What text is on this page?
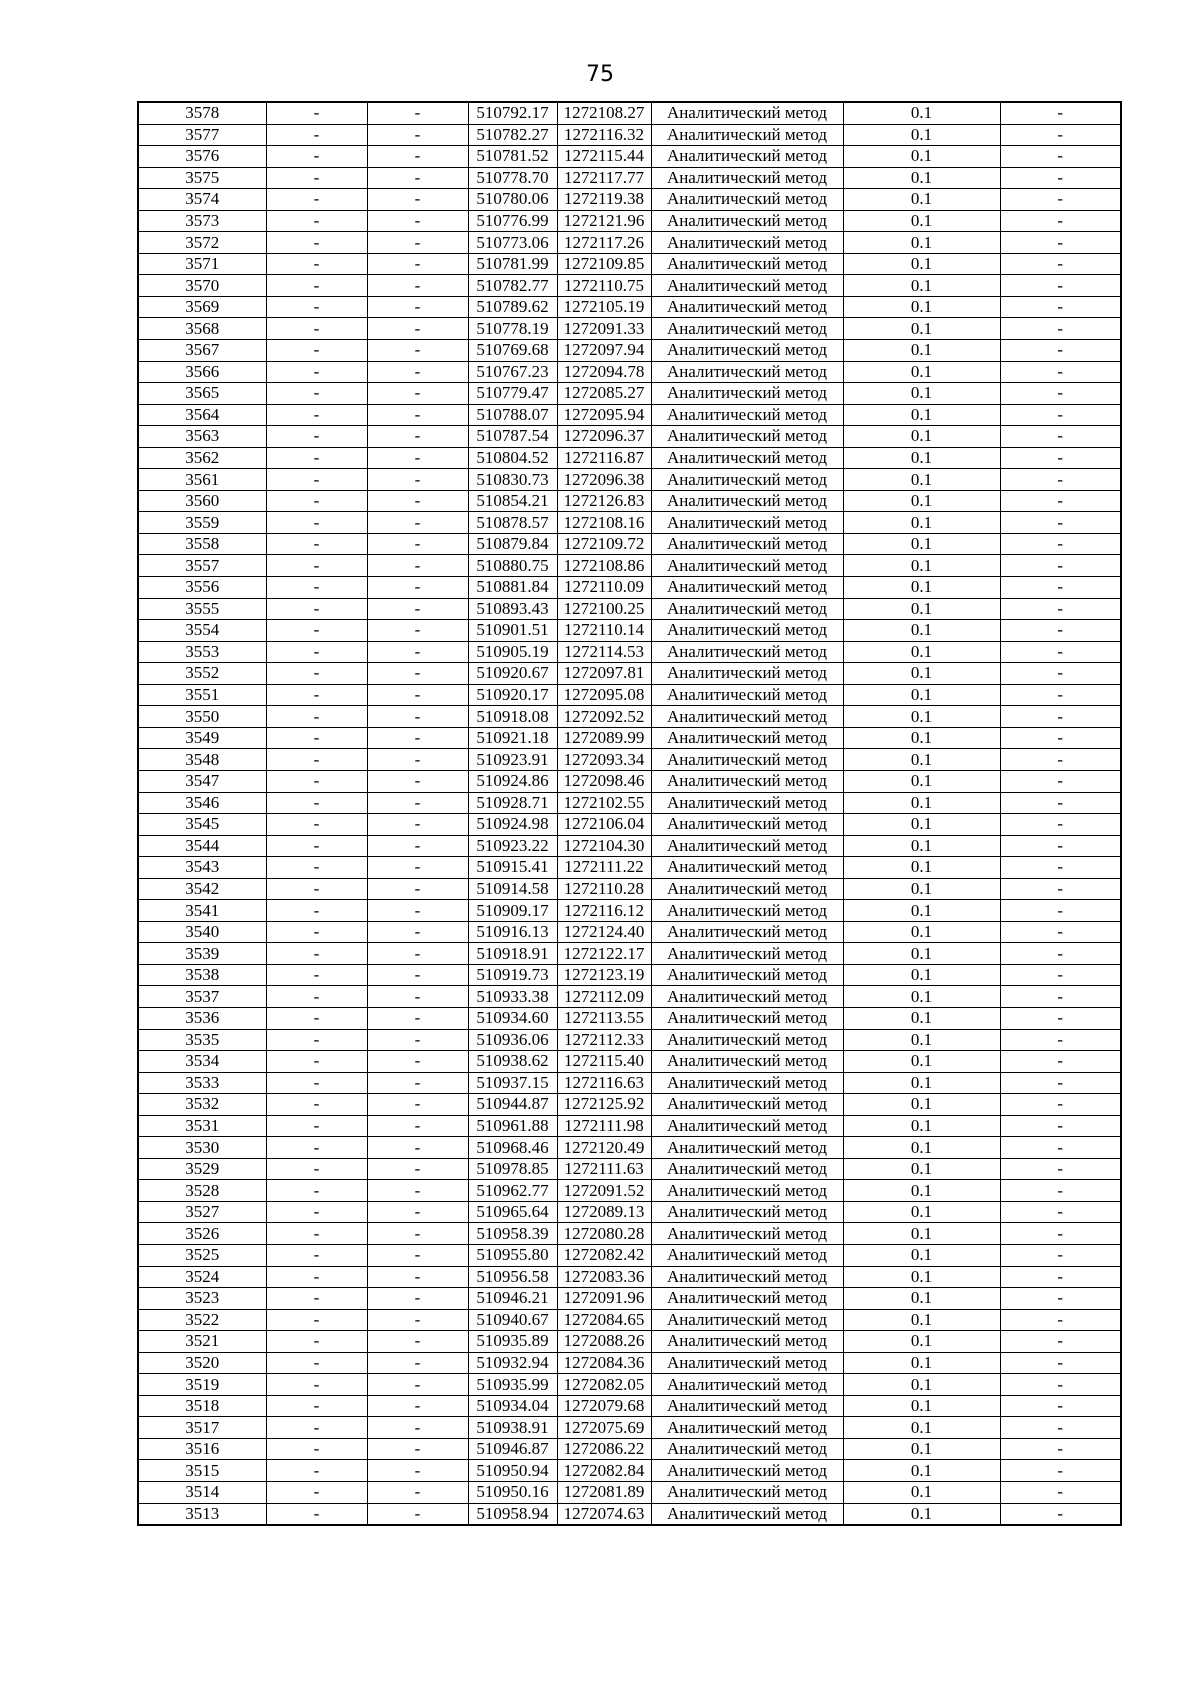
75
3578	-	-	510792.17	1272108.27	Аналитический метод	0.1	-
3577	-	-	510782.27	1272116.32	Аналитический метод	0.1	-
3576	-	-	510781.52	1272115.44	Аналитический метод	0.1	-
3575	-	-	510778.70	1272117.77	Аналитический метод	0.1	-
3574	-	-	510780.06	1272119.38	Аналитический метод	0.1	-
3573	-	-	510776.99	1272121.96	Аналитический метод	0.1	-
3572	-	-	510773.06	1272117.26	Аналитический метод	0.1	-
3571	-	-	510781.99	1272109.85	Аналитический метод	0.1	-
3570	-	-	510782.77	1272110.75	Аналитический метод	0.1	-
3569	-	-	510789.62	1272105.19	Аналитический метод	0.1	-
3568	-	-	510778.19	1272091.33	Аналитический метод	0.1	-
3567	-	-	510769.68	1272097.94	Аналитический метод	0.1	-
3566	-	-	510767.23	1272094.78	Аналитический метод	0.1	-
3565	-	-	510779.47	1272085.27	Аналитический метод	0.1	-
3564	-	-	510788.07	1272095.94	Аналитический метод	0.1	-
3563	-	-	510787.54	1272096.37	Аналитический метод	0.1	-
3562	-	-	510804.52	1272116.87	Аналитический метод	0.1	-
3561	-	-	510830.73	1272096.38	Аналитический метод	0.1	-
3560	-	-	510854.21	1272126.83	Аналитический метод	0.1	-
3559	-	-	510878.57	1272108.16	Аналитический метод	0.1	-
3558	-	-	510879.84	1272109.72	Аналитический метод	0.1	-
3557	-	-	510880.75	1272108.86	Аналитический метод	0.1	-
3556	-	-	510881.84	1272110.09	Аналитический метод	0.1	-
3555	-	-	510893.43	1272100.25	Аналитический метод	0.1	-
3554	-	-	510901.51	1272110.14	Аналитический метод	0.1	-
3553	-	-	510905.19	1272114.53	Аналитический метод	0.1	-
3552	-	-	510920.67	1272097.81	Аналитический метод	0.1	-
3551	-	-	510920.17	1272095.08	Аналитический метод	0.1	-
3550	-	-	510918.08	1272092.52	Аналитический метод	0.1	-
3549	-	-	510921.18	1272089.99	Аналитический метод	0.1	-
3548	-	-	510923.91	1272093.34	Аналитический метод	0.1	-
3547	-	-	510924.86	1272098.46	Аналитический метод	0.1	-
3546	-	-	510928.71	1272102.55	Аналитический метод	0.1	-
3545	-	-	510924.98	1272106.04	Аналитический метод	0.1	-
3544	-	-	510923.22	1272104.30	Аналитический метод	0.1	-
3543	-	-	510915.41	1272111.22	Аналитический метод	0.1	-
3542	-	-	510914.58	1272110.28	Аналитический метод	0.1	-
3541	-	-	510909.17	1272116.12	Аналитический метод	0.1	-
3540	-	-	510916.13	1272124.40	Аналитический метод	0.1	-
3539	-	-	510918.91	1272122.17	Аналитический метод	0.1	-
3538	-	-	510919.73	1272123.19	Аналитический метод	0.1	-
3537	-	-	510933.38	1272112.09	Аналитический метод	0.1	-
3536	-	-	510934.60	1272113.55	Аналитический метод	0.1	-
3535	-	-	510936.06	1272112.33	Аналитический метод	0.1	-
3534	-	-	510938.62	1272115.40	Аналитический метод	0.1	-
3533	-	-	510937.15	1272116.63	Аналитический метод	0.1	-
3532	-	-	510944.87	1272125.92	Аналитический метод	0.1	-
3531	-	-	510961.88	1272111.98	Аналитический метод	0.1	-
3530	-	-	510968.46	1272120.49	Аналитический метод	0.1	-
3529	-	-	510978.85	1272111.63	Аналитический метод	0.1	-
3528	-	-	510962.77	1272091.52	Аналитический метод	0.1	-
3527	-	-	510965.64	1272089.13	Аналитический метод	0.1	-
3526	-	-	510958.39	1272080.28	Аналитический метод	0.1	-
3525	-	-	510955.80	1272082.42	Аналитический метод	0.1	-
3524	-	-	510956.58	1272083.36	Аналитический метод	0.1	-
3523	-	-	510946.21	1272091.96	Аналитический метод	0.1	-
3522	-	-	510940.67	1272084.65	Аналитический метод	0.1	-
3521	-	-	510935.89	1272088.26	Аналитический метод	0.1	-
3520	-	-	510932.94	1272084.36	Аналитический метод	0.1	-
3519	-	-	510935.99	1272082.05	Аналитический метод	0.1	-
3518	-	-	510934.04	1272079.68	Аналитический метод	0.1	-
3517	-	-	510938.91	1272075.69	Аналитический метод	0.1	-
3516	-	-	510946.87	1272086.22	Аналитический метод	0.1	-
3515	-	-	510950.94	1272082.84	Аналитический метод	0.1	-
3514	-	-	510950.16	1272081.89	Аналитический метод	0.1	-
3513	-	-	510958.94	1272074.63	Аналитический метод	0.1	-
